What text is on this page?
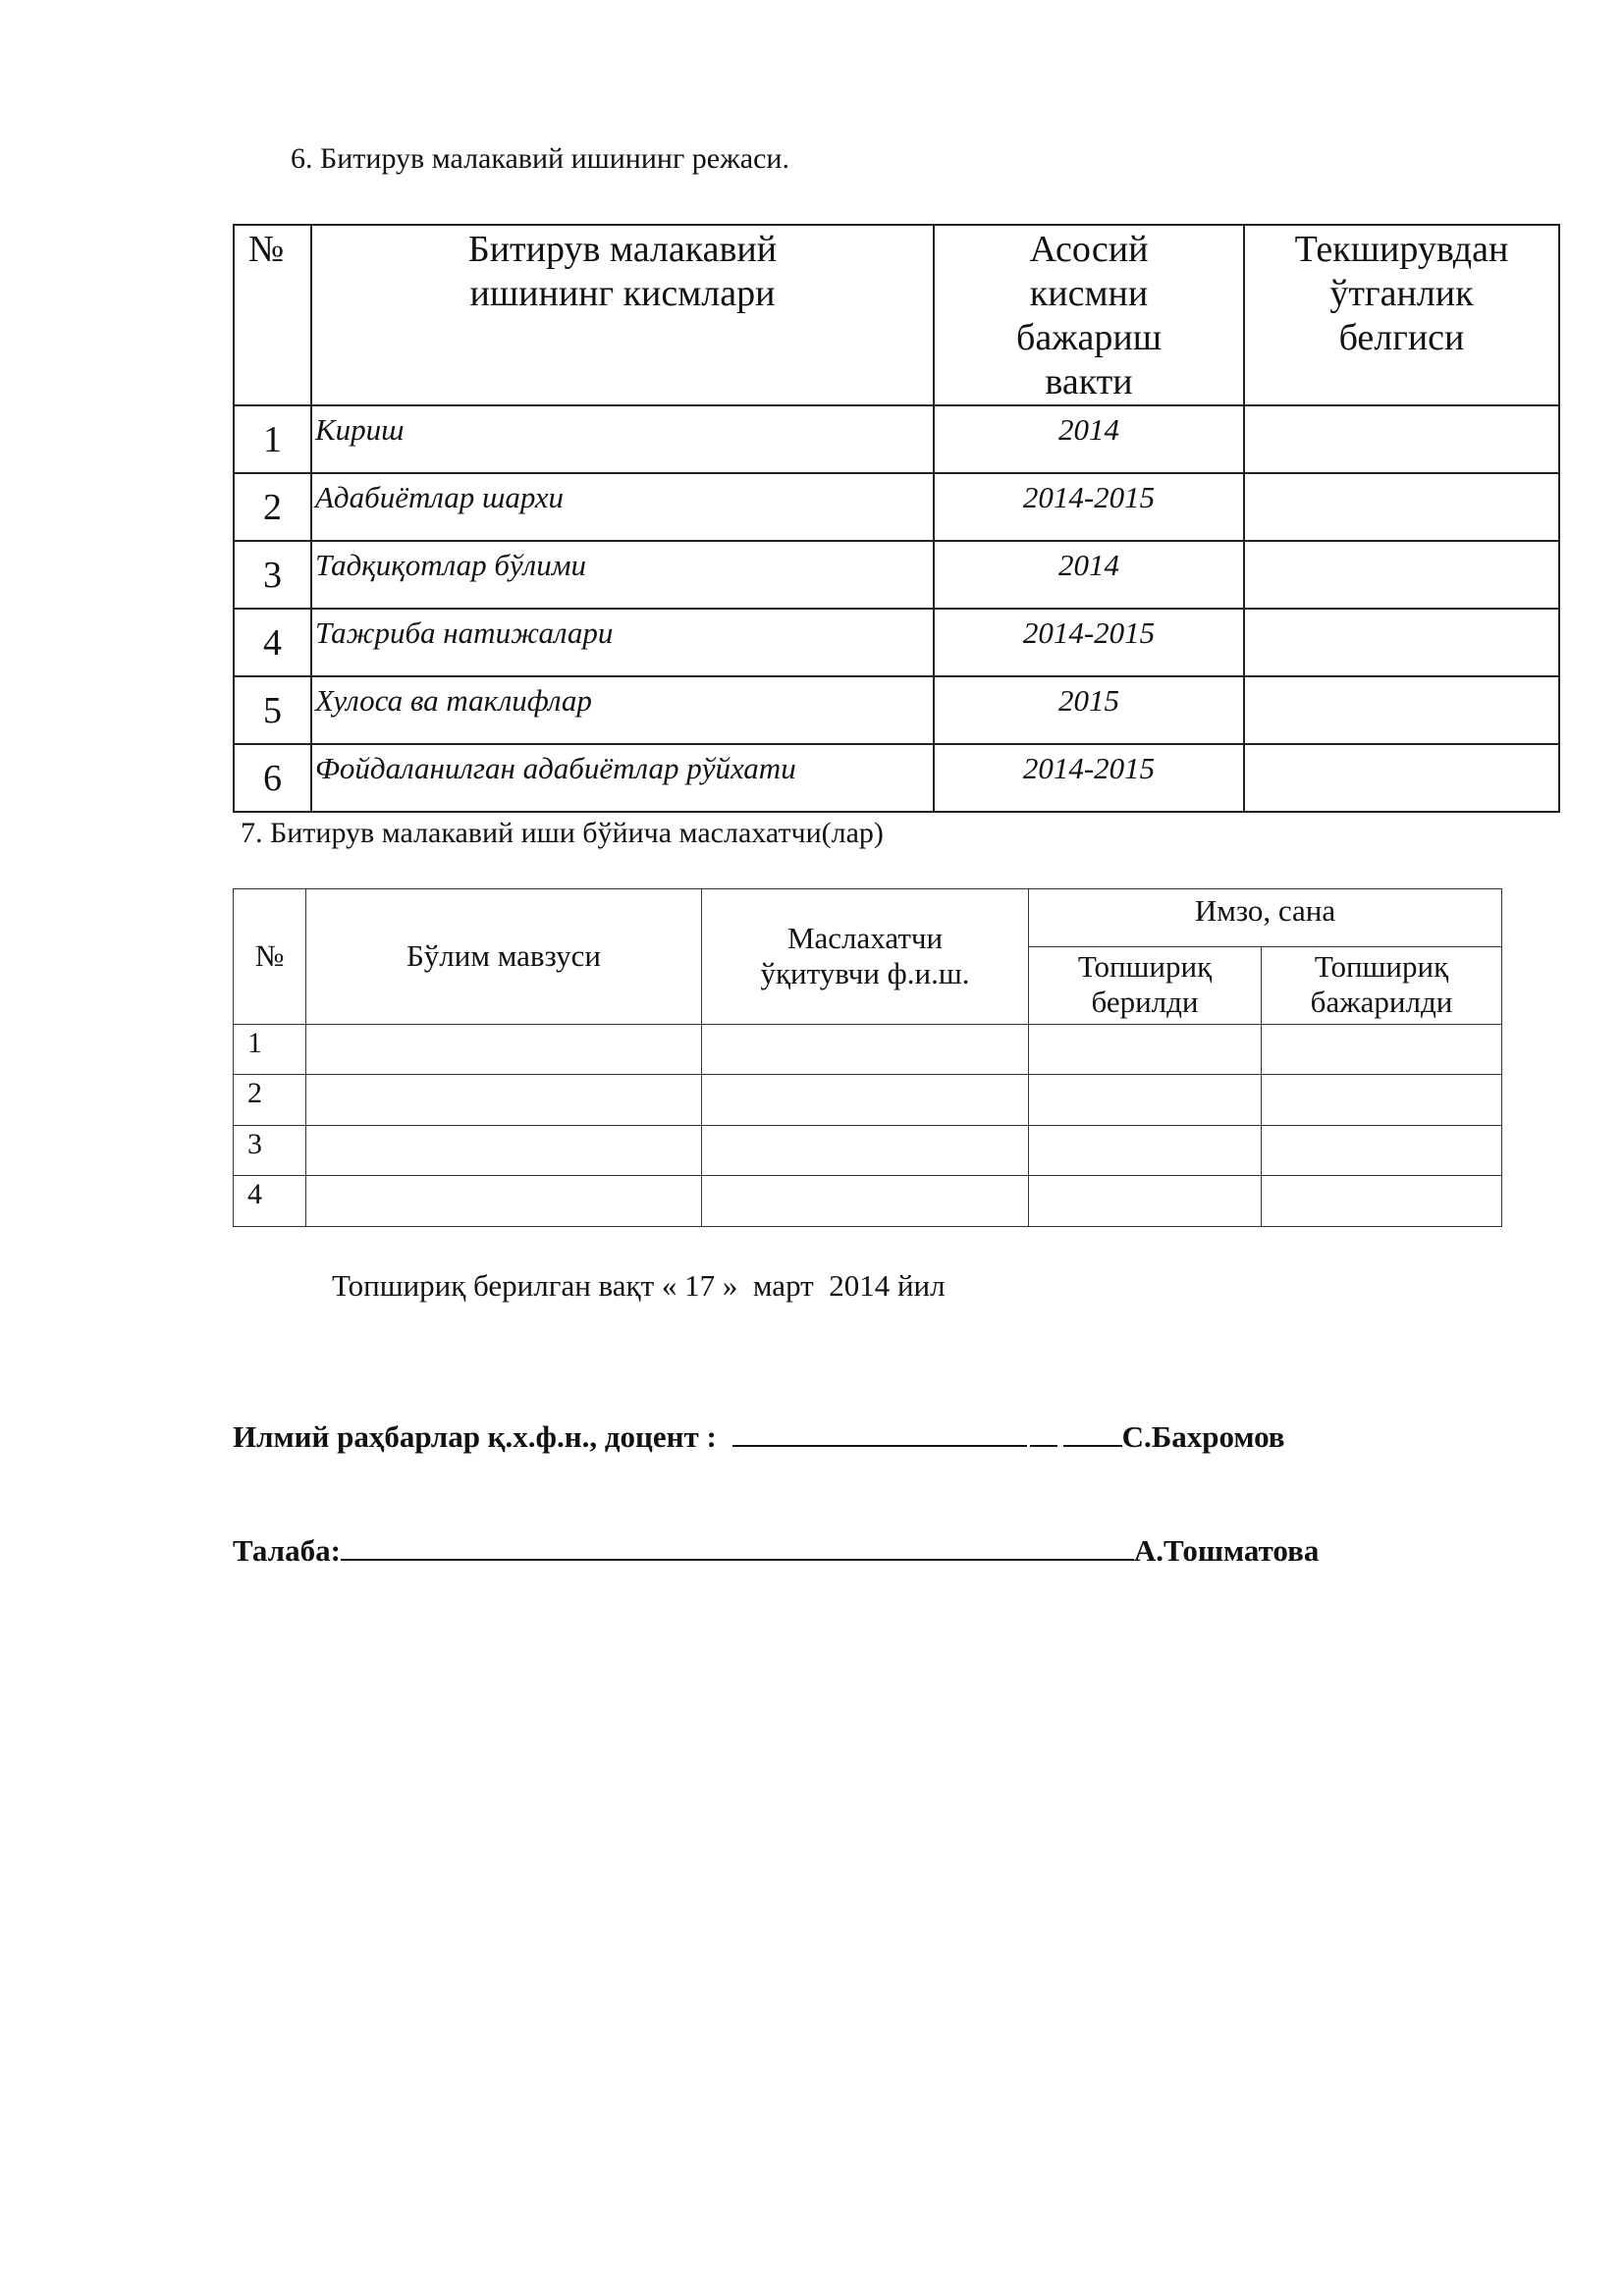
6. Битирув малакавий ишининг режаси.
№	Битирув малакавий ишининг кисмлари	Асосий кисмни бажариш вакти	Текширувдан ўтганлик белгиси

1	Кириш	2014	
2	Адабиётлар шархи	2014-2015	
3	Тадқиқотлар бўлими	2014	
4	Тажриба натижалари	2014-2015	
5	Хулоса ва таклифлар	2015	
6	Фойдаланилган адабиётлар рўйхати	2014-2015	
7. Битирув малакавий иши бўйича маслахатчи(лар)
№	Бўлим мавзуси	Маслахатчи ўқитувчи ф.и.ш.	Имзо, сана	

			Топшириқ берилди	Топшириқ бажарилди

1				
2				
3				
4				
Топшириқ берилган вақт « 17 »  март  2014 йил
Илмий раҳбарлар қ.х.ф.н., доцент :	С.Бахромов
Талаба:	А.Тошматова
